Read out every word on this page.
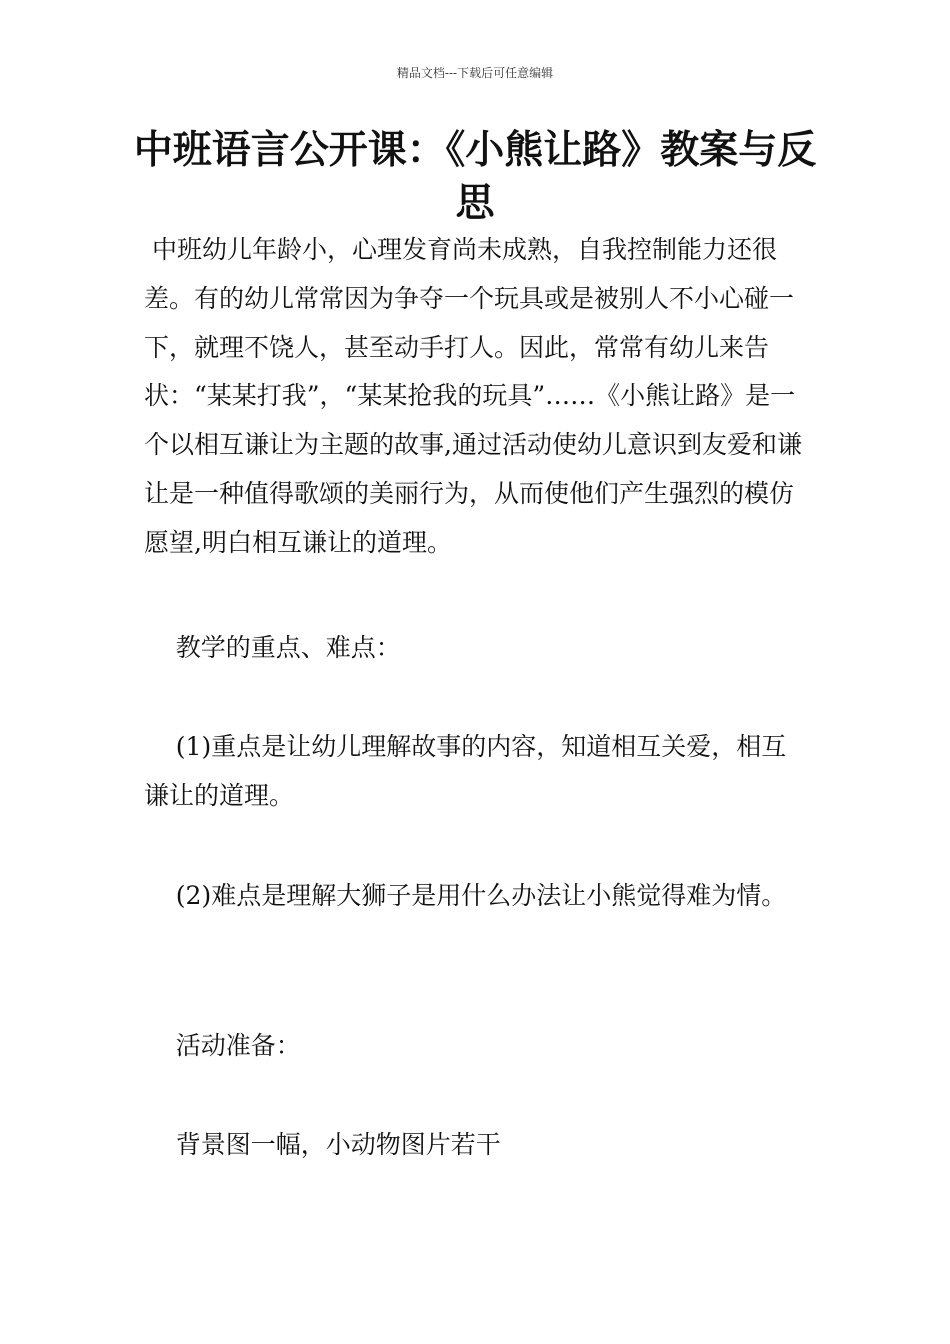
精品文档---下载后可任意编辑
中班语言公开课：《小熊让路》教案与反思

中班幼儿年龄小，心理发育尚未成熟，自我控制能力还很差。有的幼儿常常因为争夺一个玩具或是被别人不小心碰一下，就理不饶人，甚至动手打人。因此，常常有幼儿来告状：“某某打我”，“某某抢我的玩具”……《小熊让路》是一个以相互谦让为主题的故事,通过活动使幼儿意识到友爱和谦让是一种值得歌颂的美丽行为，从而使他们产生强烈的模仿愿望,明白相互谦让的道理。

教学的重点、难点：

(1)重点是让幼儿理解故事的内容，知道相互关爱，相互谦让的道理。

(2)难点是理解大狮子是用什么办法让小熊觉得难为情。

活动准备：

背景图一幅，小动物图片若干
